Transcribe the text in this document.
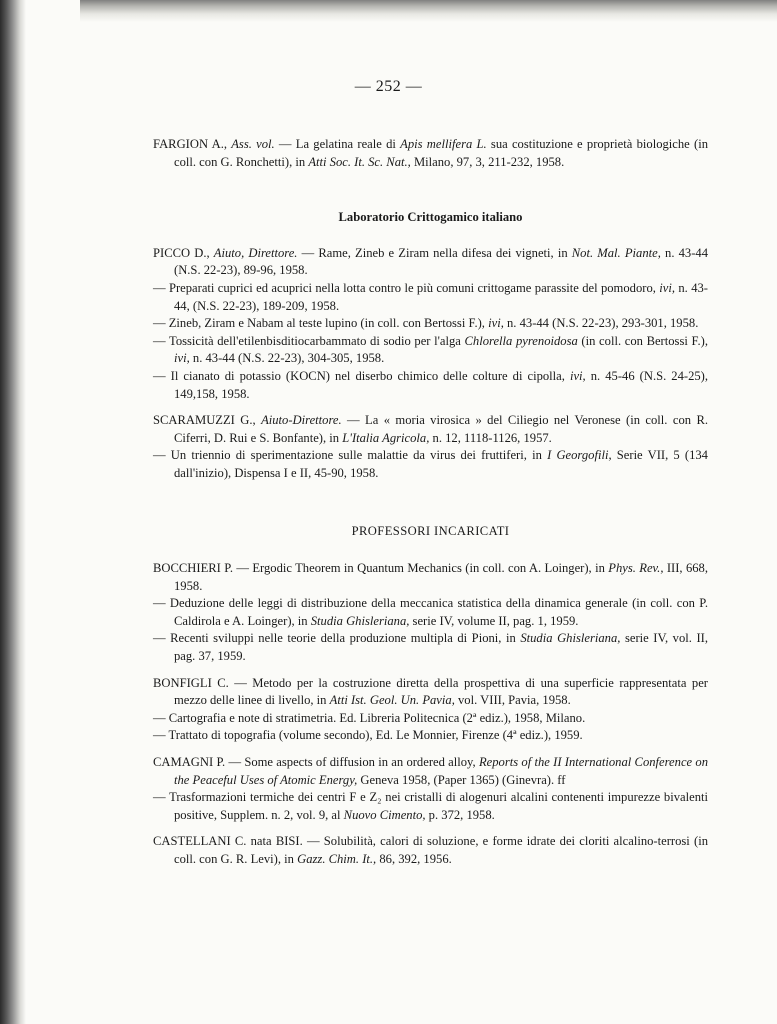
— 252 —

FARGION A., Ass. vol. — La gelatina reale di Apis mellifera L. sua costituzione e proprietà biologiche (in coll. con G. Ronchetti), in Atti Soc. It. Sc. Nat., Milano, 97, 3, 211-232, 1958.

Laboratorio Crittogamico italiano

PICCO D., Aiuto, Direttore. — Rame, Zineb e Ziram nella difesa dei vigneti, in Not. Mal. Piante, n. 43-44 (N.S. 22-23), 89-96, 1958.

— Preparati cuprici ed acuprici nella lotta contro le più comuni crittogame parassite del pomodoro, ivi, n. 43-44, (N.S. 22-23), 189-209, 1958.

— Zineb, Ziram e Nabam al teste lupino (in coll. con Bertossi F.), ivi, n. 43-44 (N.S. 22-23), 293-301, 1958.

— Tossicità dell'etilenbisditiocarbammato di sodio per l'alga Chlorella pyrenoidosa (in coll. con Bertossi F.), ivi, n. 43-44 (N.S. 22-23), 304-305, 1958.

— Il cianato di potassio (KOCN) nel diserbo chimico delle colture di cipolla, ivi, n. 45-46 (N.S. 24-25), 149,158, 1958.

SCARAMUZZI G., Aiuto-Direttore. — La « moria virosica » del Ciliegio nel Veronese (in coll. con R. Ciferri, D. Rui e S. Bonfante), in L'Italia Agricola, n. 12, 1118-1126, 1957.

— Un triennio di sperimentazione sulle malattie da virus dei fruttiferi, in I Georgofili, Serie VII, 5 (134 dall'inizio), Dispensa I e II, 45-90, 1958.

PROFESSORI INCARICATI

BOCCHIERI P. — Ergodic Theorem in Quantum Mechanics (in coll. con A. Loinger), in Phys. Rev., III, 668, 1958.

— Deduzione delle leggi di distribuzione della meccanica statistica della dinamica generale (in coll. con P. Caldirola e A. Loinger), in Studia Ghisleriana, serie IV, volume II, pag. 1, 1959.

— Recenti sviluppi nelle teorie della produzione multipla di Pioni, in Studia Ghisleriana, serie IV, vol. II, pag. 37, 1959.

BONFIGLI C. — Metodo per la costruzione diretta della prospettiva di una superficie rappresentata per mezzo delle linee di livello, in Atti Ist. Geol. Un. Pavia, vol. VIII, Pavia, 1958.

— Cartografia e note di stratimetria. Ed. Libreria Politecnica (2ª ediz.), 1958, Milano.

— Trattato di topografia (volume secondo), Ed. Le Monnier, Firenze (4ª ediz.), 1959.

CAMAGNI P. — Some aspects of diffusion in an ordered alloy, Reports of the II International Conference on the Peaceful Uses of Atomic Energy, Geneva 1958, (Paper 1365) (Ginevra). ff

— Trasformazioni termiche dei centri F e Z₂ nei cristalli di alogenuri alcalini contenenti impurezze bivalenti positive, Supplem. n. 2, vol. 9, al Nuovo Cimento, p. 372, 1958.

CASTELLANI C. nata BISI. — Solubilità, calori di soluzione, e forme idrate dei cloriti alcalino-terrosi (in coll. con G. R. Levi), in Gazz. Chim. It., 86, 392, 1956.
